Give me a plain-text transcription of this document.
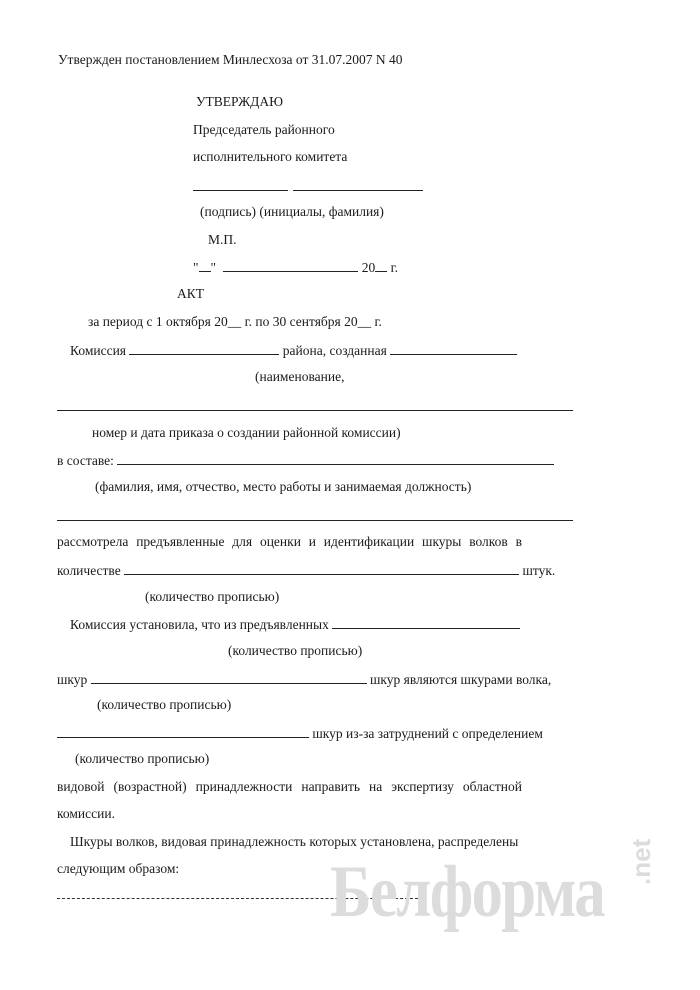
Утвержден постановлением Минлесхоза от 31.07.2007 N 40
УТВЕРЖДАЮ
Председатель районного
исполнительного комитета
(подпись) (инициалы, фамилия)
М.П.
" "	20 г.
АКТ
за период с 1 октября 20__ г. по 30 сентября 20__ г.
Комиссия	района, созданная
(наименование,
номер и дата приказа о создании районной комиссии)
в составе:
(фамилия, имя, отчество, место работы и занимаемая должность)
рассмотрела предъявленные для оценки и идентификации шкуры волков в
количестве	штук.
(количество прописью)
Комиссия установила, что из предъявленных
(количество прописью)
шкур	шкур являются шкурами волка,
(количество прописью)
шкур из-за затруднений с определением
(количество прописью)
видовой (возрастной) принадлежности направить на экспертизу областной
комиссии.
Шкуры волков, видовая принадлежность которых установлена, распределены
следующим образом: Белформа .net
